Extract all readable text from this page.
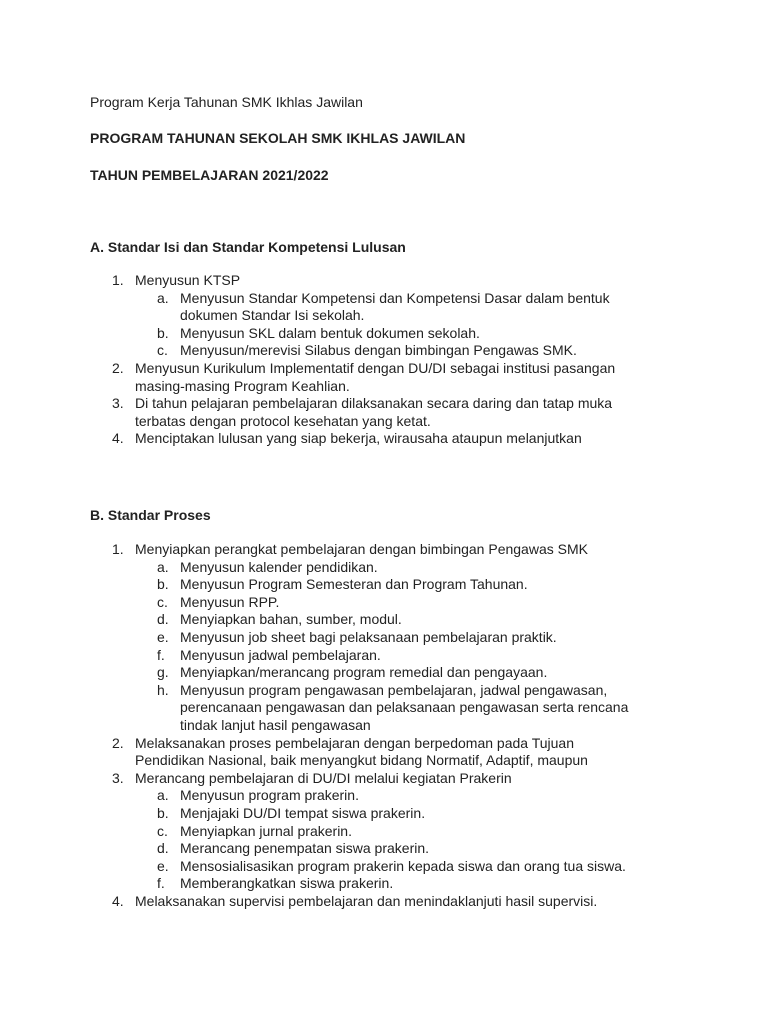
Program Kerja Tahunan SMK Ikhlas Jawilan
PROGRAM TAHUNAN SEKOLAH SMK IKHLAS JAWILAN
TAHUN PEMBELAJARAN 2021/2022
A. Standar Isi dan Standar Kompetensi Lulusan
1. Menyusun KTSP
a. Menyusun Standar Kompetensi dan Kompetensi Dasar dalam bentuk
dokumen Standar Isi sekolah.
b. Menyusun SKL dalam bentuk dokumen sekolah.
c. Menyusun/merevisi Silabus dengan bimbingan Pengawas SMK.
2. Menyusun Kurikulum Implementatif dengan DU/DI sebagai institusi pasangan
masing-masing Program Keahlian.
3. Di tahun pelajaran pembelajaran dilaksanakan secara daring dan tatap muka
terbatas dengan protocol kesehatan yang ketat.
4. Menciptakan lulusan yang siap bekerja, wirausaha ataupun melanjutkan
B. Standar Proses
1. Menyiapkan perangkat pembelajaran dengan bimbingan Pengawas SMK
a. Menyusun kalender pendidikan.
b. Menyusun Program Semesteran dan Program Tahunan.
c. Menyusun RPP.
d. Menyiapkan bahan, sumber, modul.
e. Menyusun job sheet bagi pelaksanaan pembelajaran praktik.
f. Menyusun jadwal pembelajaran.
g. Menyiapkan/merancang program remedial dan pengayaan.
h. Menyusun program pengawasan pembelajaran, jadwal pengawasan,
perencanaan pengawasan dan pelaksanaan pengawasan serta rencana
tindak lanjut hasil pengawasan
2. Melaksanakan proses pembelajaran dengan berpedoman pada Tujuan
Pendidikan Nasional, baik menyangkut bidang Normatif, Adaptif, maupun
3. Merancang pembelajaran di DU/DI melalui kegiatan Prakerin
a. Menyusun program prakerin.
b. Menjajaki DU/DI tempat siswa prakerin.
c. Menyiapkan jurnal prakerin.
d. Merancang penempatan siswa prakerin.
e. Mensosialisasikan program prakerin kepada siswa dan orang tua siswa.
f. Memberangkatkan siswa prakerin.
4. Melaksanakan supervisi pembelajaran dan menindaklanjuti hasil supervisi.
